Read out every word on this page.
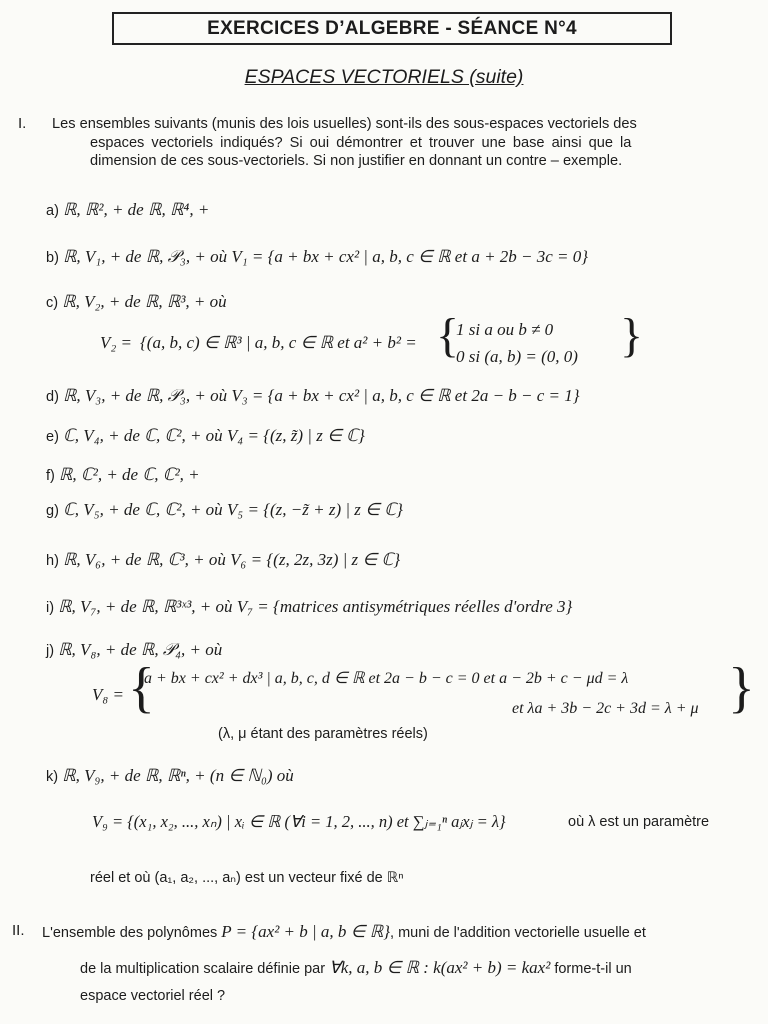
EXERCICES D’ALGEBRE - SÉANCE N°4
ESPACES VECTORIELS (suite)
I. Les ensembles suivants (munis des lois usuelles) sont-ils des sous-espaces vectoriels des
espaces vectoriels indiqués? Si oui démontrer et trouver une base ainsi que la
dimension de ces sous-vectoriels. Si non justifier en donnant un contre – exemple.
a) ℝ, ℝ², + de ℝ, ℝ⁴, +
b) ℝ, V₁, + de ℝ, 𝒫₃, + où V₁ = {a + bx + cx² | a, b, c ∈ ℝ et a + 2b − 3c = 0}
c) ℝ, V₂, + de ℝ, ℝ³, + où
V₂ = {(a, b, c) ∈ ℝ³ | a, b, c ∈ ℝ et a² + b² = {
1 si a ou b ≠ 0
0 si (a, b) = (0, 0) }
d) ℝ, V₃, + de ℝ, 𝒫₃, + où V₃ = {a + bx + cx² | a, b, c ∈ ℝ et 2a − b − c = 1}
e) ℂ, V₄, + de ℂ, ℂ², + où V₄ = {(z, z̃) | z ∈ ℂ}
f) ℝ, ℂ², + de ℂ, ℂ², +
g) ℂ, V₅, + de ℂ, ℂ², + où V₅ = {(z, −z̃ + z) | z ∈ ℂ}
h) ℝ, V₆, + de ℝ, ℂ³, + où V₆ = {(z, 2z, 3z) | z ∈ ℂ}
i) ℝ, V₇, + de ℝ, ℝ³ˣ³, + où V₇ = {matrices antisymétriques réelles d'ordre 3}
j) ℝ, V₈, + de ℝ, 𝒫₄, + où
V₈ = {
a + bx + cx² + dx³ | a, b, c, d ∈ ℝ et 2a − b − c = 0 et a − 2b + c − μd = λ
et λa + 3b − 2c + 3d = λ + μ }
(λ, μ étant des paramètres réels)
k) ℝ, V₉, + de ℝ, ℝⁿ, + (n ∈ ℕ₀) où
V₉ = {(x₁, x₂, ..., xₙ) | xᵢ ∈ ℝ (∀i = 1, 2, ..., n) et ∑ⱼ₌₁ⁿ aⱼxⱼ = λ}	où λ est un paramètre
réel et où (a₁, a₂, ..., aₙ) est un vecteur fixé de ℝⁿ
II. L'ensemble des polynômes P = {ax² + b | a, b ∈ ℝ}, muni de l'addition vectorielle usuelle et
de la multiplication scalaire définie par ∀k, a, b ∈ ℝ : k(ax² + b) = kax² forme-t-il un
espace vectoriel réel ?
